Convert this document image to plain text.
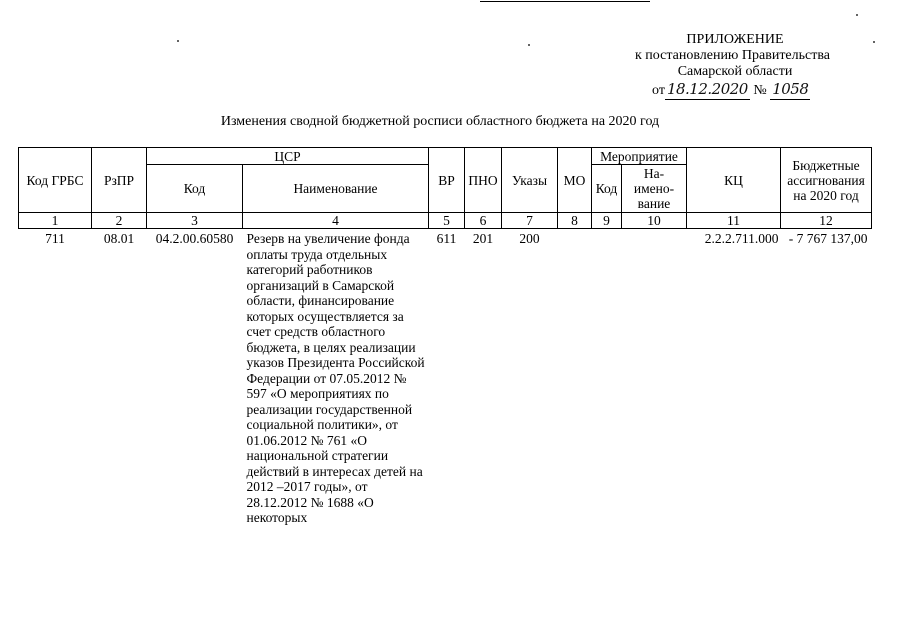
ПРИЛОЖЕНИЕ
к постановлению Правительства
Самарской области
от 18.12.2020 № 1058
Изменения сводной бюджетной росписи областного бюджета на 2020 год
Код ГРБС	РзПР	ЦСР		ВР	ПНО	Указы	МО	Мероприятие		КЦ	Бюджетные ассигнования на 2020 год
		Код	Наименование					Код	На-имено-вание		
1	2	3	4	5	6	7	8	9	10	11	12
711	08.01	04.2.00.60580	Резерв на увеличение фонда оплаты труда отдельных категорий работников организаций в Самарской области, финансирование которых осуществляется за счет средств областного бюджета, в целях реализации указов Президента Российской Федерации от 07.05.2012 № 597 «О мероприятиях по реализации государственной социальной политики», от 01.06.2012 № 761 «О национальной стратегии действий в интересах детей на 2012 –2017 годы», от 28.12.2012 № 1688 «О некоторых	611	201	200				2.2.2.711.000	- 7 767 137,00
